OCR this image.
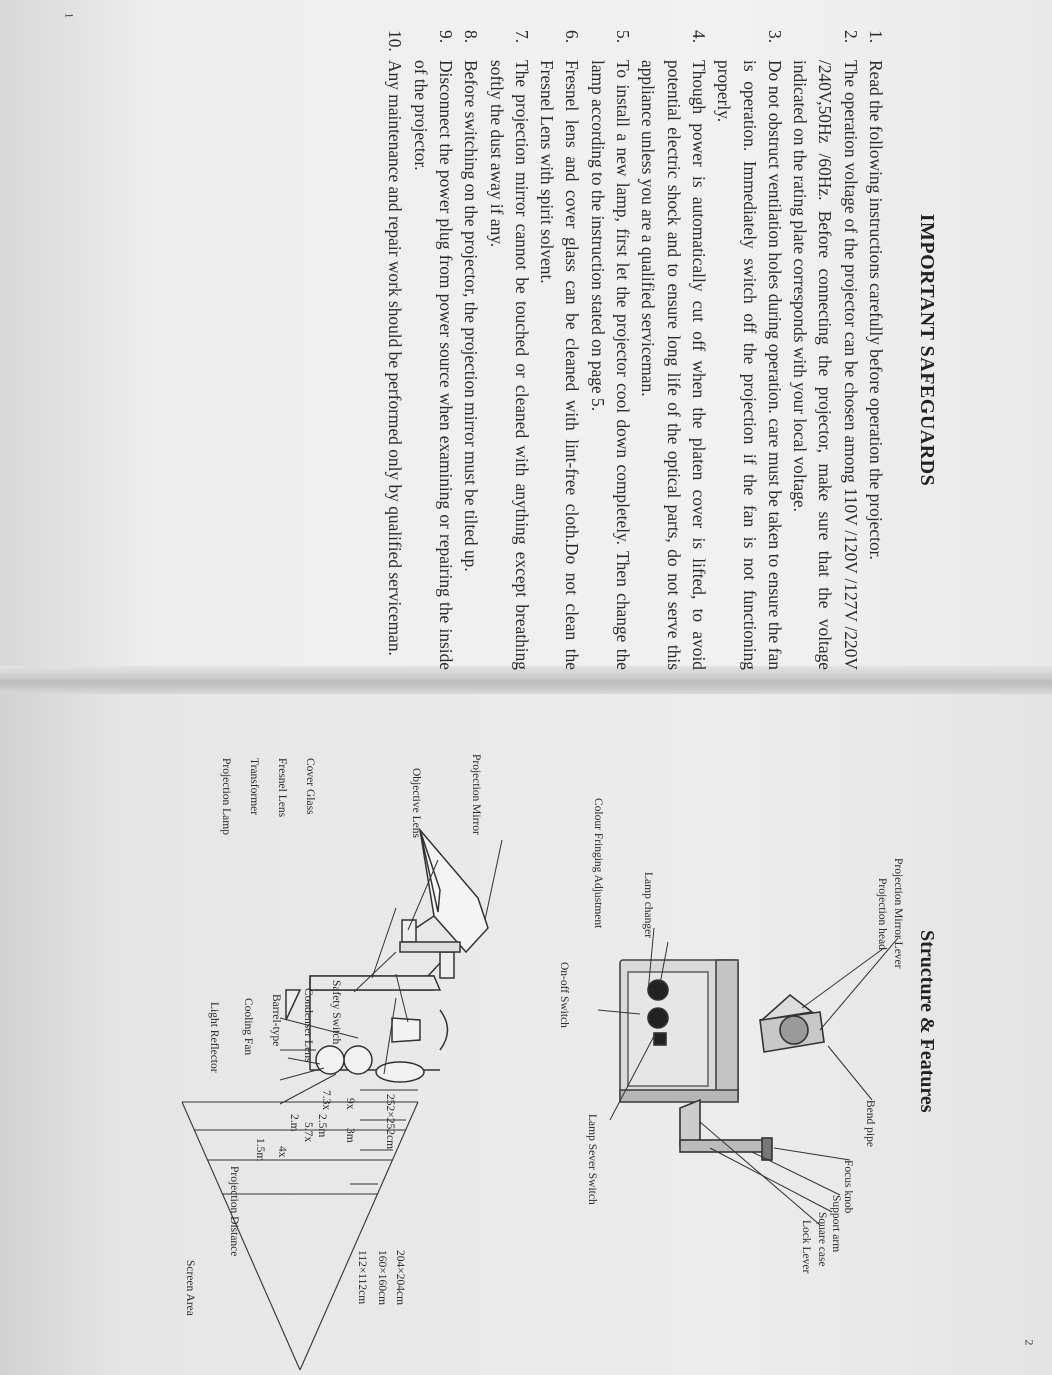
1
2
IMPORTANT SAFEGUARDS
1.
Read the following instructions carefully before operation the projector.
2.
The operation voltage of the projector can be chosen among 110V /120V /127V /220V /240V,50Hz /60Hz. Before connecting the projector, make sure that the voltage indicated on the rating plate corresponds with your local voltage.
3.
Do not obstruct ventilation holes during operation. care must be taken to ensure the fan is operation. Immediately switch off the projection if the fan is not functioning properly.
4.
Though power is automatically cut off when the platen cover is lifted, to avoid potential electric shock and to ensure long life of the optical parts, do not serve this appliance unless you are a qualified serviceman.
5.
To install a new lamp, first let the projector cool down completely. Then change the lamp according to the instruction stated on page 5.
6.
Fresnel lens and cover glass can be cleaned with lint-free cloth.Do not clean the Fresnel Lens with spirit solvent.
7.
The projection mirror cannot be touched or cleaned with anything except breathing softly the dust away if any.
8.
Before switching on the projector, the projection mirror must be tilted up.
9.
Disconnect the power plug from power source when examining or repairing the inside of the projector.
10.
Any maintenance and repair work should be performed only by qualified serviceman.
Structure & Features
Projection Mirror Lever
Projection head
Bend pipe
Focus knob
Support arm
Square case
Lock Lever
Lamp changer
Colour Fringing Adjustment
On-off Switch
Lamp Sever Switch
Projection Mirror
Objective Lens
Cover Glass
Fresnel Lens
Transformer
Projection Lamp
Safety Switch
Condenser Lens
Barrel-type
Cooling Fan
Light Reflector
9x
3m 252×252cm
7.3x
2.5m
204×204cm
5.7x
2.m
160×160cm
4x
1.5m
112×112cm
Projection Distance
Screen Area
